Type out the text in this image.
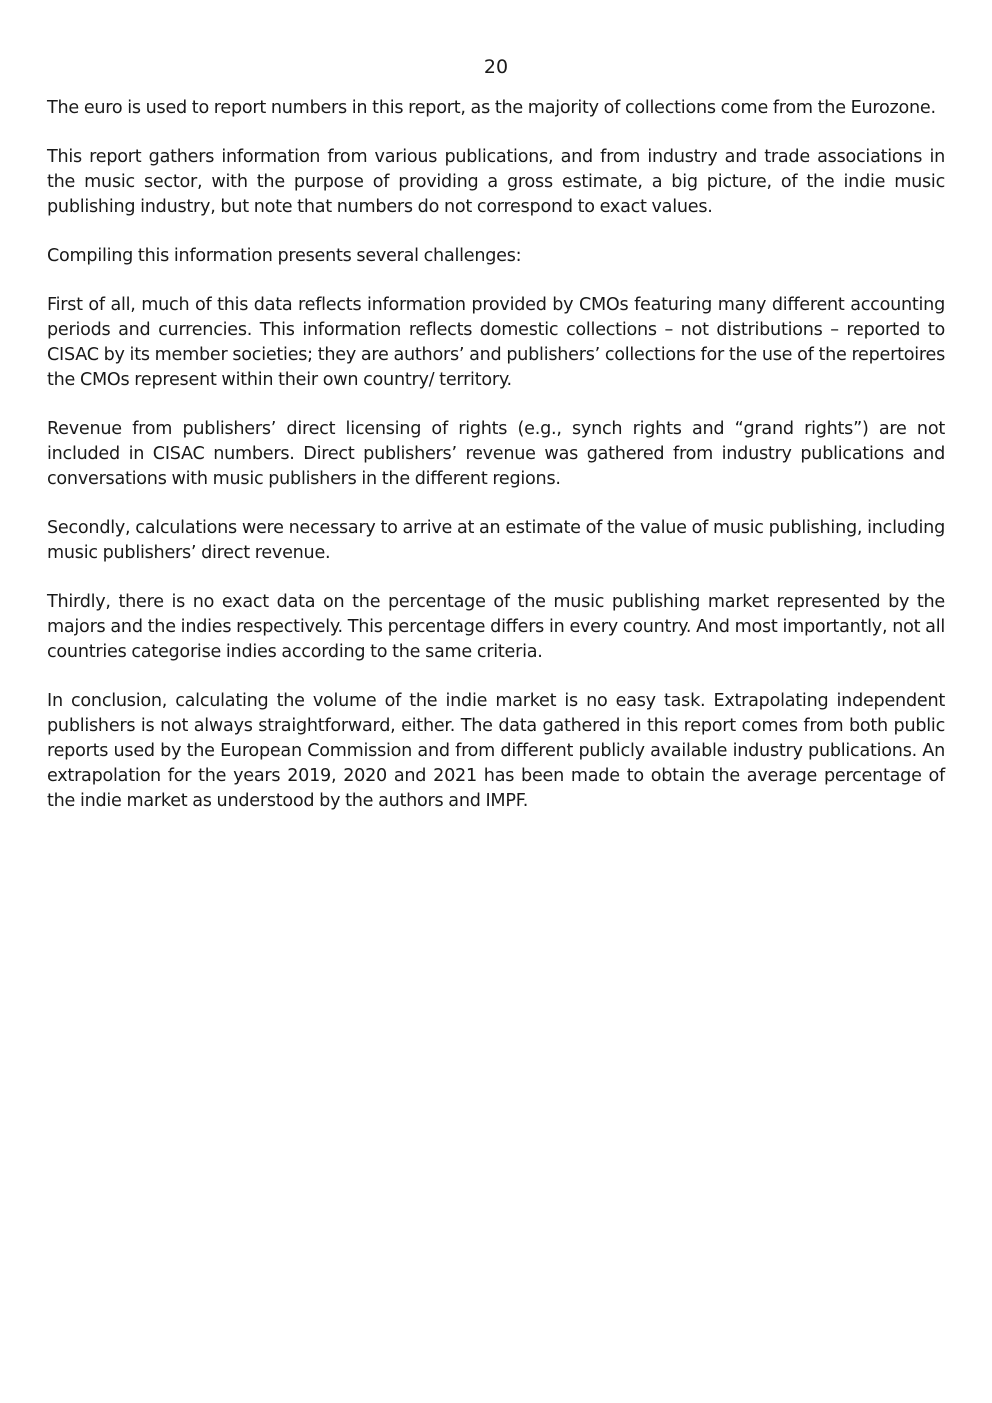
20

The euro is used to report numbers in this report, as the majority of collections come from the Eurozone.

This report gathers information from various publications, and from industry and trade associations in the music sector, with the purpose of providing a gross estimate, a big picture, of the indie music publishing industry, but note that numbers do not correspond to exact values.

Compiling this information presents several challenges:

First of all, much of this data reflects information provided by CMOs featuring many different accounting periods and currencies. This information reflects domestic collections – not distributions – reported to CISAC by its member societies; they are authors’ and publishers’ collections for the use of the repertoires the CMOs represent within their own country/ territory.

Revenue from publishers’ direct licensing of rights (e.g., synch rights and “grand rights”) are not included in CISAC numbers. Direct publishers’ revenue was gathered from industry publications and conversations with music publishers in the different regions.

Secondly, calculations were necessary to arrive at an estimate of the value of music publishing, including music publishers’ direct revenue.

Thirdly, there is no exact data on the percentage of the music publishing market represented by the majors and the indies respectively. This percentage differs in every country. And most importantly, not all countries categorise indies according to the same criteria.

In conclusion, calculating the volume of the indie market is no easy task. Extrapolating independent publishers is not always straightforward, either. The data gathered in this report comes from both public reports used by the European Commission and from different publicly available industry publications. An extrapolation for the years 2019, 2020 and 2021 has been made to obtain the average percentage of the indie market as understood by the authors and IMPF.
